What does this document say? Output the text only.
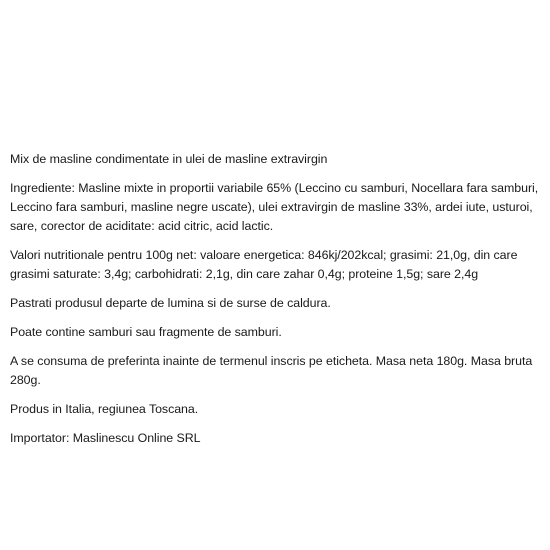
Mix de masline condimentate in ulei de masline extravirgin

Ingrediente: Masline mixte in proportii variabile 65% (Leccino cu samburi, Nocellara fara samburi, Leccino fara samburi, masline negre uscate), ulei extravirgin de masline 33%, ardei iute, usturoi, sare, corector de aciditate: acid citric, acid lactic.

Valori nutritionale pentru 100g net: valoare energetica: 846kj/202kcal; grasimi: 21,0g, din care grasimi saturate: 3,4g; carbohidrati: 2,1g, din care zahar 0,4g; proteine 1,5g; sare 2,4g

Pastrati produsul departe de lumina si de surse de caldura.

Poate contine samburi sau fragmente de samburi.

A se consuma de preferinta inainte de termenul inscris pe eticheta. Masa neta 180g. Masa bruta 280g.

Produs in Italia, regiunea Toscana.

Importator: Maslinescu Online SRL
